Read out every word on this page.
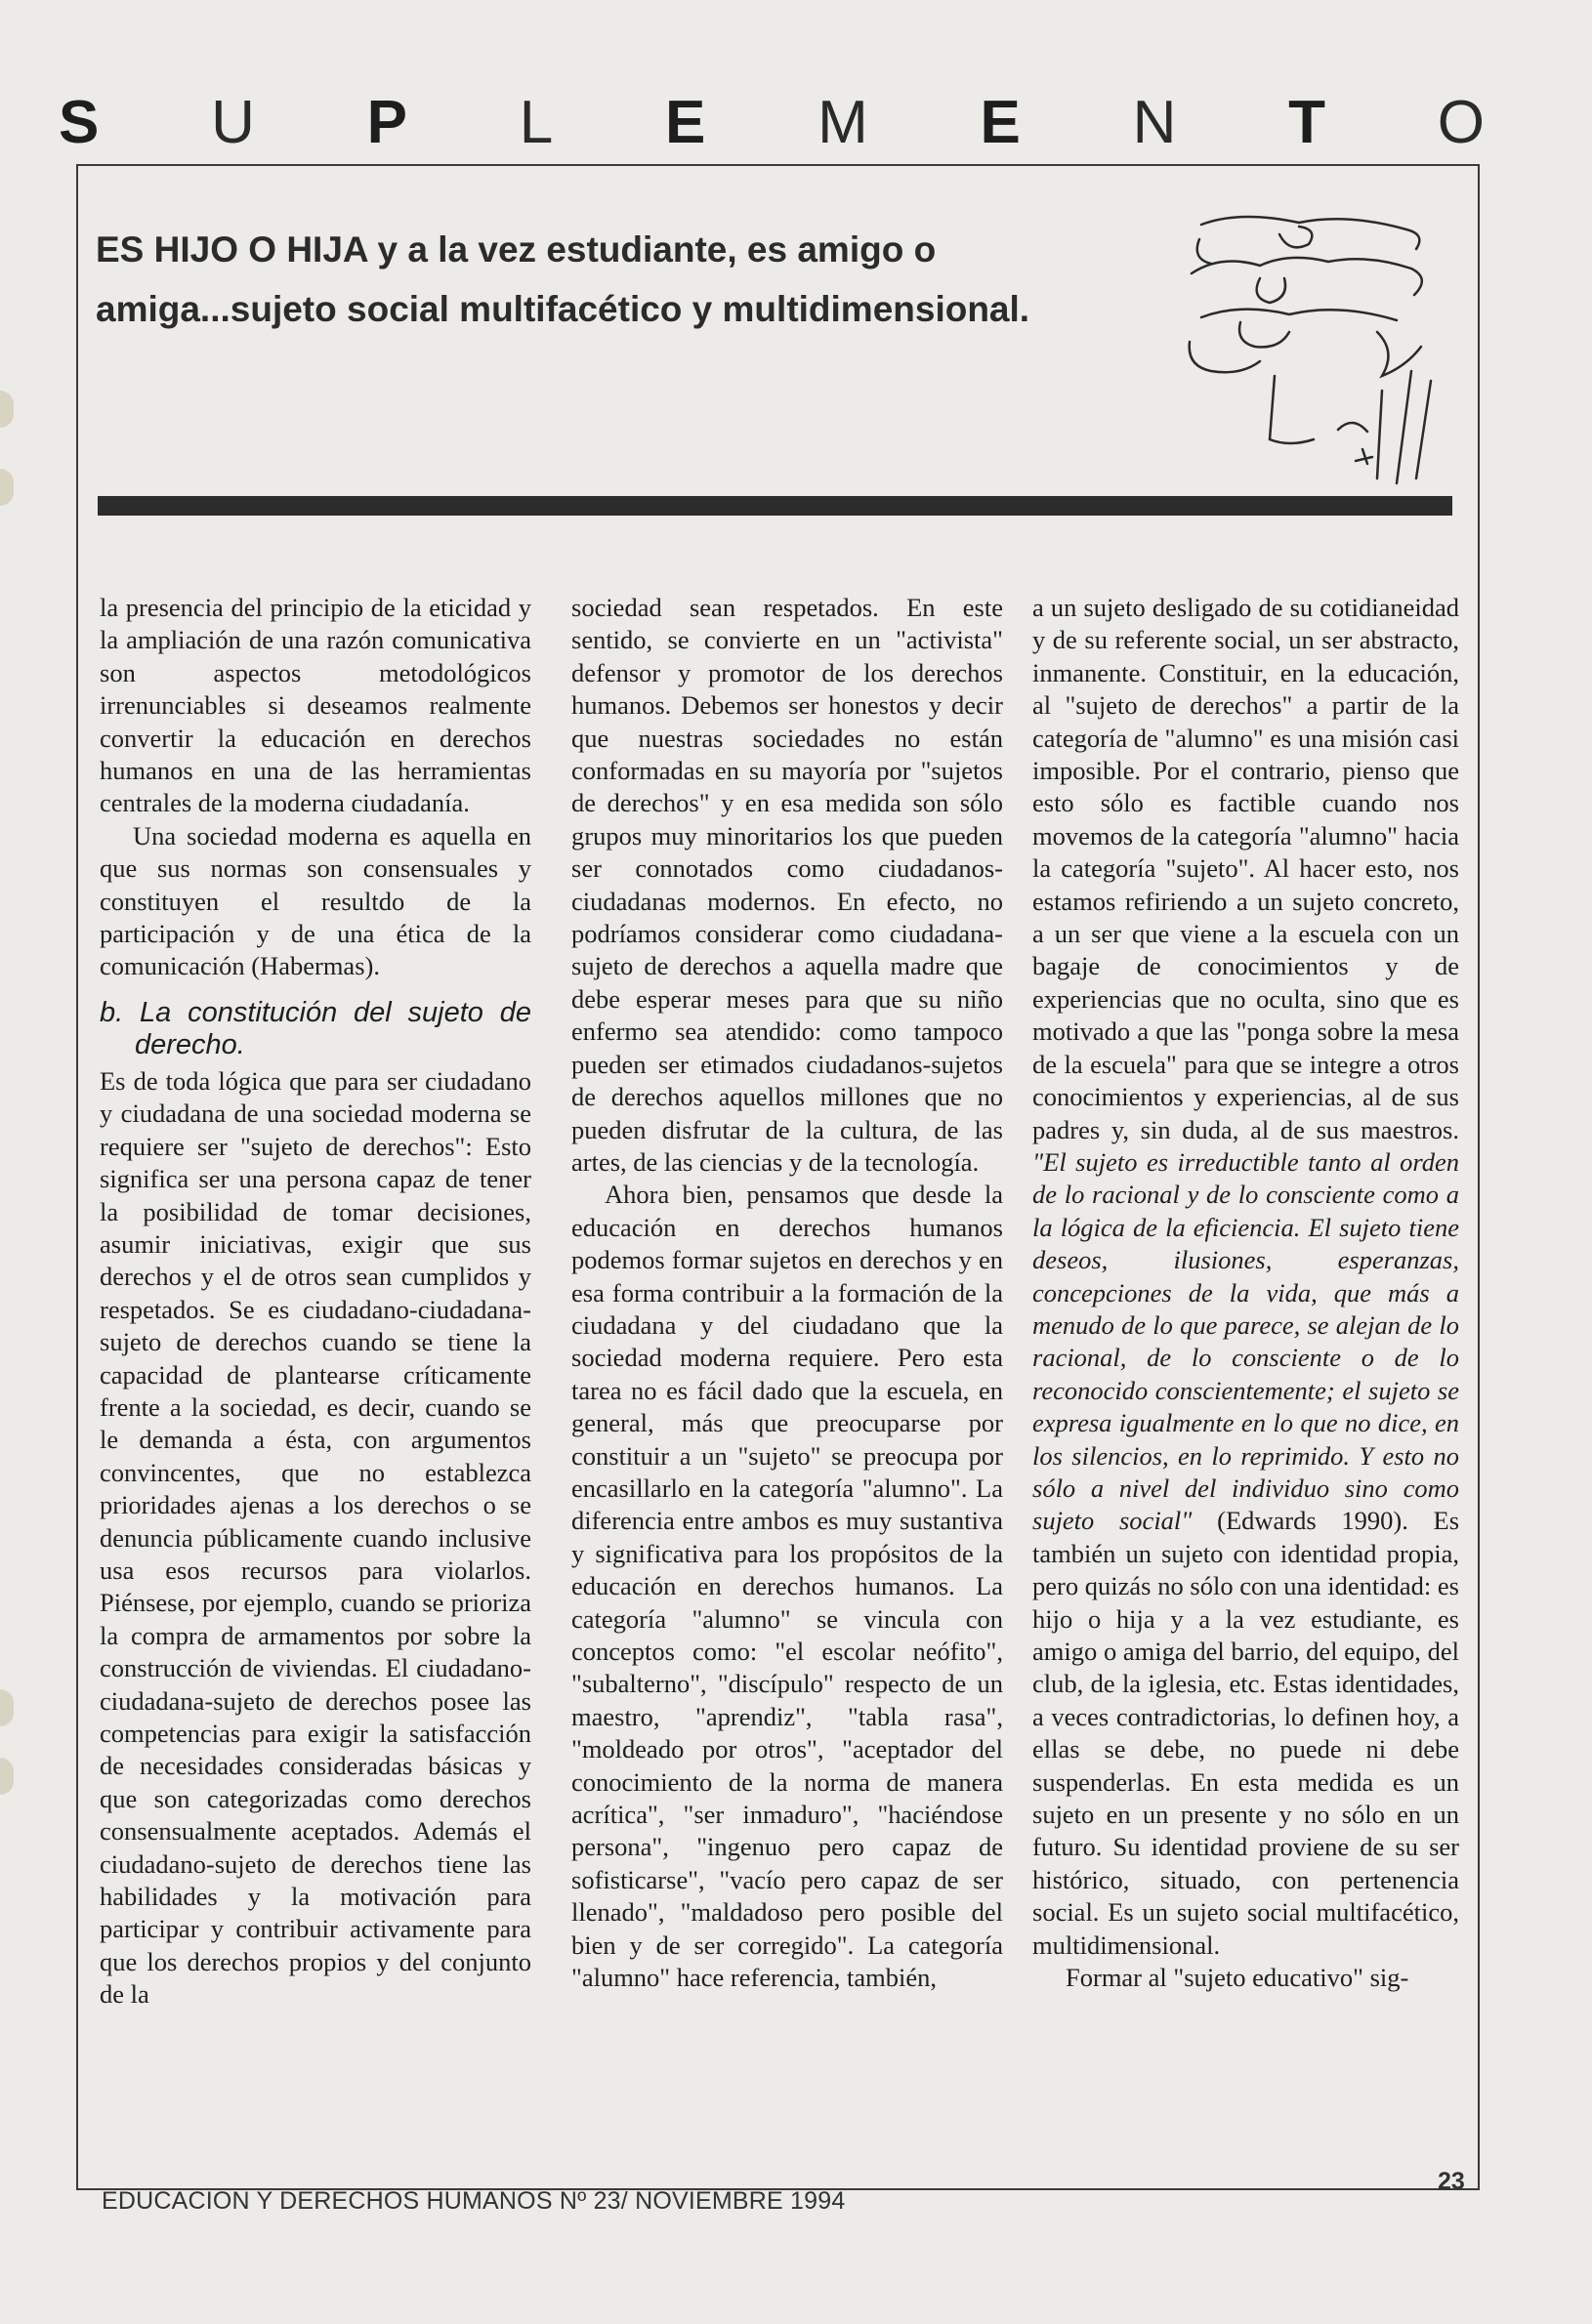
S U P L E M E N T O
ES HIJO O HIJA y a la vez estudiante, es amigo o amiga...sujeto social multifacético y multidimensional.

la presencia del principio de la eticidad y la ampliación de una razón comunicativa son aspectos metodológicos irrenunciables si deseamos realmente convertir la educación en derechos humanos en una de las herramientas centrales de la moderna ciudadanía.

Una sociedad moderna es aquella en que sus normas son consensuales y constituyen el resultdo de la participación y de una ética de la comunicación (Habermas).

b. La constitución del sujeto de derecho.

Es de toda lógica que para ser ciudadano y ciudadana de una sociedad moderna se requiere ser "sujeto de derechos": Esto significa ser una persona capaz de tener la posibilidad de tomar decisiones, asumir iniciativas, exigir que sus derechos y el de otros sean cumplidos y respetados. Se es ciudadano-ciudadana-sujeto de derechos cuando se tiene la capacidad de plantearse críticamente frente a la sociedad, es decir, cuando se le demanda a ésta, con argumentos convincentes, que no establezca prioridades ajenas a los derechos o se denuncia públicamente cuando inclusive usa esos recursos para violarlos. Piénsese, por ejemplo, cuando se prioriza la compra de armamentos por sobre la construcción de viviendas. El ciudadano-ciudadana-sujeto de derechos posee las competencias para exigir la satisfacción de necesidades consideradas básicas y que son categorizadas como derechos consensualmente aceptados. Además el ciudadano-sujeto de derechos tiene las habilidades y la motivación para participar y contribuir activamente para que los derechos propios y del conjunto de la

sociedad sean respetados. En este sentido, se convierte en un "activista" defensor y promotor de los derechos humanos. Debemos ser honestos y decir que nuestras sociedades no están conformadas en su mayoría por "sujetos de derechos" y en esa medida son sólo grupos muy minoritarios los que pueden ser connotados como ciudadanos-ciudadanas modernos. En efecto, no podríamos considerar como ciudadana-sujeto de derechos a aquella madre que debe esperar meses para que su niño enfermo sea atendido: como tampoco pueden ser etimados ciudadanos-sujetos de derechos aquellos millones que no pueden disfrutar de la cultura, de las artes, de las ciencias y de la tecnología.

Ahora bien, pensamos que desde la educación en derechos humanos podemos formar sujetos en derechos y en esa forma contribuir a la formación de la ciudadana y del ciudadano que la sociedad moderna requiere. Pero esta tarea no es fácil dado que la escuela, en general, más que preocuparse por constituir a un "sujeto" se preocupa por encasillarlo en la categoría "alumno". La diferencia entre ambos es muy sustantiva y significativa para los propósitos de la educación en derechos humanos. La categoría "alumno" se vincula con conceptos como: "el escolar neófito", "subalterno", "discípulo" respecto de un maestro, "aprendiz", "tabla rasa", "moldeado por otros", "aceptador del conocimiento de la norma de manera acrítica", "ser inmaduro", "haciéndose persona", "ingenuo pero capaz de sofisticarse", "vacío pero capaz de ser llenado", "maldadoso pero posible del bien y de ser corregido". La categoría "alumno" hace referencia, también,

a un sujeto desligado de su cotidianeidad y de su referente social, un ser abstracto, inmanente. Constituir, en la educación, al "sujeto de derechos" a partir de la categoría de "alumno" es una misión casi imposible. Por el contrario, pienso que esto sólo es factible cuando nos movemos de la categoría "alumno" hacia la categoría "sujeto". Al hacer esto, nos estamos refiriendo a un sujeto concreto, a un ser que viene a la escuela con un bagaje de conocimientos y de experiencias que no oculta, sino que es motivado a que las "ponga sobre la mesa de la escuela" para que se integre a otros conocimientos y experiencias, al de sus padres y, sin duda, al de sus maestros. "El sujeto es irreductible tanto al orden de lo racional y de lo consciente como a la lógica de la eficiencia. El sujeto tiene deseos, ilusiones, esperanzas, concepciones de la vida, que más a menudo de lo que parece, se alejan de lo racional, de lo consciente o de lo reconocido conscientemente; el sujeto se expresa igualmente en lo que no dice, en los silencios, en lo reprimido. Y esto no sólo a nivel del individuo sino como sujeto social" (Edwards 1990). Es también un sujeto con identidad propia, pero quizás no sólo con una identidad: es hijo o hija y a la vez estudiante, es amigo o amiga del barrio, del equipo, del club, de la iglesia, etc. Estas identidades, a veces contradictorias, lo definen hoy, a ellas se debe, no puede ni debe suspenderlas. En esta medida es un sujeto en un presente y no sólo en un futuro. Su identidad proviene de su ser histórico, situado, con pertenencia social. Es un sujeto social multifacético, multidimensional.

Formar al "sujeto educativo" sig-

EDUCACION Y DERECHOS HUMANOS Nº 23/ NOVIEMBRE 1994
23
